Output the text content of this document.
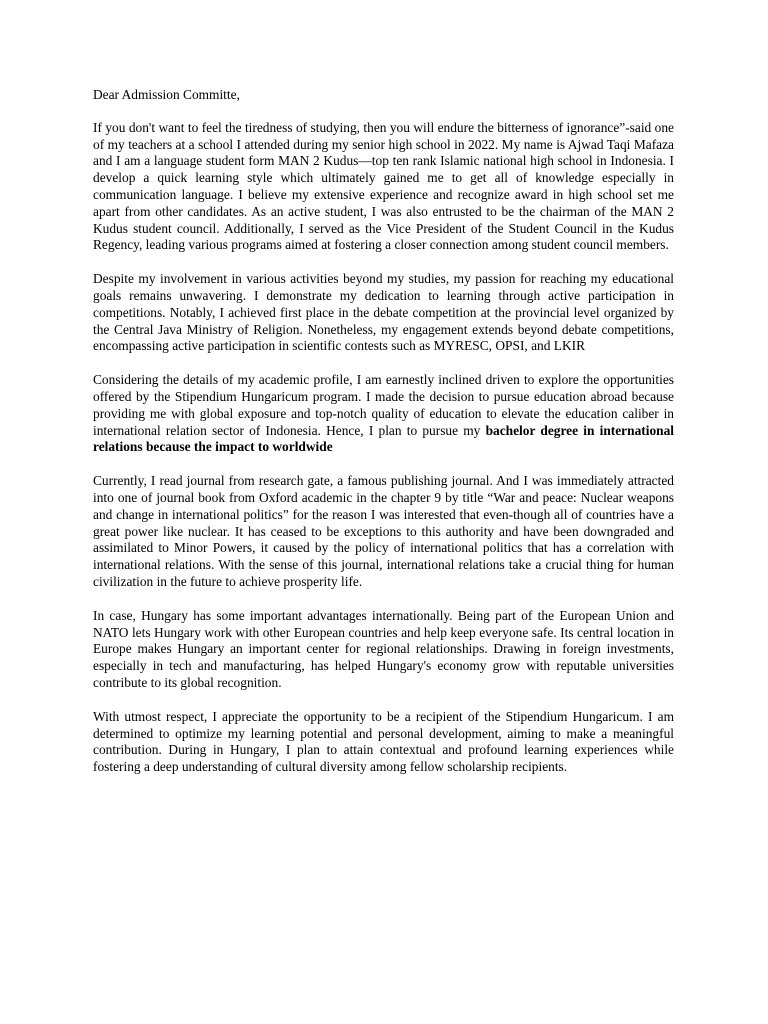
Dear Admission Committe,

If you don't want to feel the tiredness of studying, then you will endure the bitterness of ignorance”-said one of my teachers at a school I attended during my senior high school in 2022. My name is Ajwad Taqi Mafaza and I am a language student form MAN 2 Kudus—top ten rank Islamic national high school in Indonesia. I develop a quick learning style which ultimately gained me to get all of knowledge especially in communication language. I believe my extensive experience and recognize award in high school set me apart from other candidates. As an active student, I was also entrusted to be the chairman of the MAN 2 Kudus student council. Additionally, I served as the Vice President of the Student Council in the Kudus Regency, leading various programs aimed at fostering a closer connection among student council members.

Despite my involvement in various activities beyond my studies, my passion for reaching my educational goals remains unwavering. I demonstrate my dedication to learning through active participation in competitions. Notably, I achieved first place in the debate competition at the provincial level organized by the Central Java Ministry of Religion. Nonetheless, my engagement extends beyond debate competitions, encompassing active participation in scientific contests such as MYRESC, OPSI, and LKIR

Considering the details of my academic profile, I am earnestly inclined driven to explore the opportunities offered by the Stipendium Hungaricum program. I made the decision to pursue education abroad because providing me with global exposure and top-notch quality of education to elevate the education caliber in international relation sector of Indonesia. Hence, I plan to pursue my bachelor degree in international relations because the impact to worldwide

Currently, I read journal from research gate, a famous publishing journal. And I was immediately attracted into one of journal book from Oxford academic in the chapter 9 by title “War and peace: Nuclear weapons and change in international politics” for the reason I was interested that even-though all of countries have a great power like nuclear. It has ceased to be exceptions to this authority and have been downgraded and assimilated to Minor Powers, it caused by the policy of international politics that has a correlation with international relations. With the sense of this journal, international relations take a crucial thing for human civilization in the future to achieve prosperity life.

In case, Hungary has some important advantages internationally. Being part of the European Union and NATO lets Hungary work with other European countries and help keep everyone safe. Its central location in Europe makes Hungary an important center for regional relationships. Drawing in foreign investments, especially in tech and manufacturing, has helped Hungary's economy grow with reputable universities contribute to its global recognition.

With utmost respect, I appreciate the opportunity to be a recipient of the Stipendium Hungaricum. I am determined to optimize my learning potential and personal development, aiming to make a meaningful contribution. During in Hungary, I plan to attain contextual and profound learning experiences while fostering a deep understanding of cultural diversity among fellow scholarship recipients.
